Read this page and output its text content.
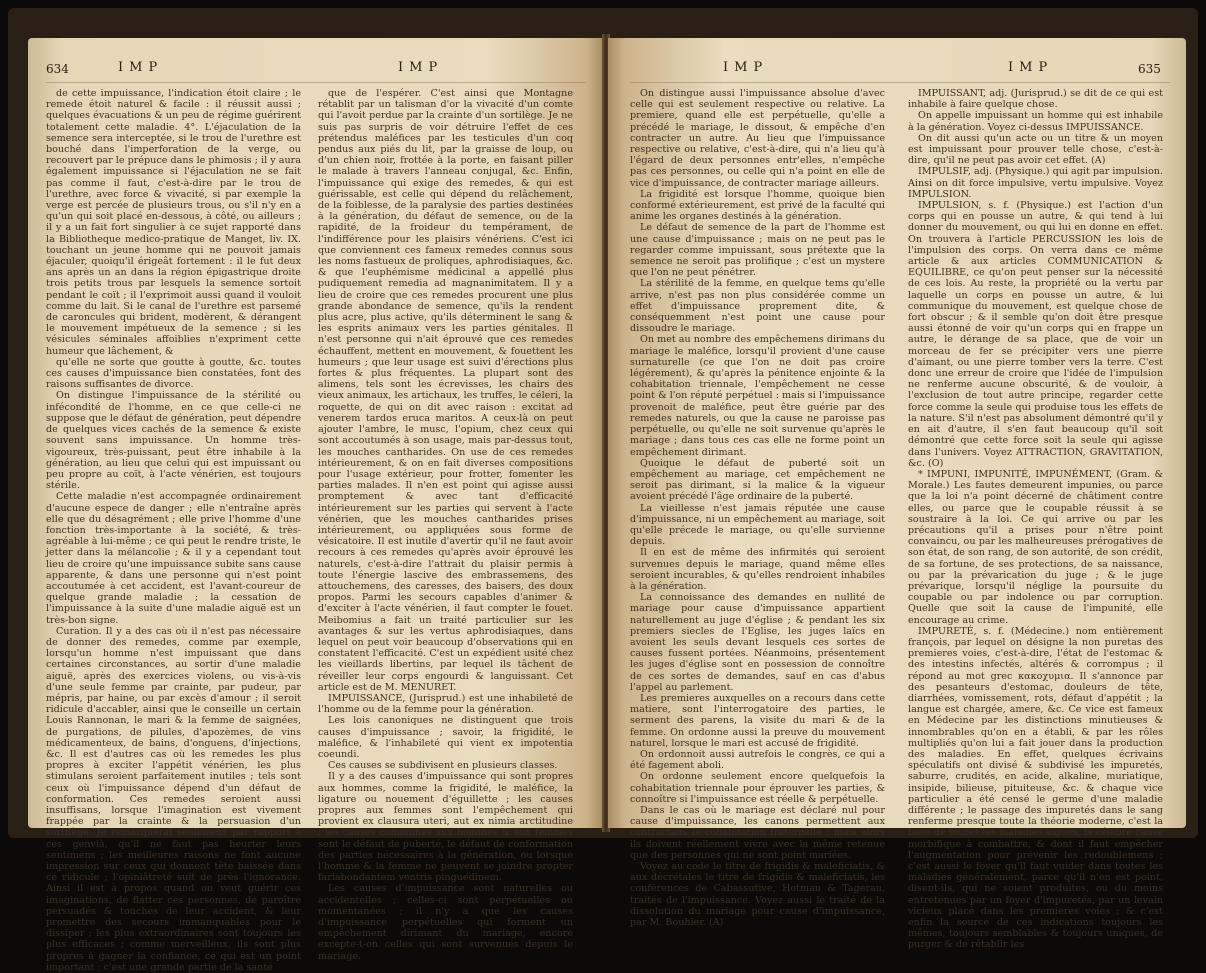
634	IMP	IMP

de cette impuissance, l'indication étoit claire ; le remede étoit naturel & facile : il réussit aussi ; quelques évacuations & un peu de régime guérirent totalement cette maladie. 4°. L'éjaculation de la semence sera interceptée, si le trou de l'urethre est bouché dans l'imperforation de la verge, ou recouvert par le prépuce dans le phimosis ; il y aura également impuissance si l'éjaculation ne se fait pas comme il faut, c'est-à-dire par le trou de l'urethre, avec force & vivacité, si par exemple la verge est percée de plusieurs trous, ou s'il n'y en a qu'un qui soit placé en-dessous, à côté, ou ailleurs ; il y a un fait fort singulier à ce sujet rapporté dans la Bibliotheque medico-pratique de Manget, liv. IX. touchant un jeune homme qui ne pouvoit jamais éjaculer, quoiqu'il érigeât fortement : il le fut deux ans après un an dans la région épigastrique droite trois petits trous par lesquels la semence sortoit pendant le coït ; il l'exprimoit aussi quand il vouloit comme du lait. Si le canal de l'urethre est parsemé de caroncules qui brident, modèrent, & dérangent le mouvement impétueux de la semence ; si les vésicules séminales affoiblies n'expriment cette humeur que lâchement, &

qu'elle ne sorte que goutte à goutte, &c. toutes ces causes d'impuissance bien constatées, font des raisons suffisantes de divorce.

On distingue l'impuissance de la stérilité ou infécondité de l'homme, en ce que celle-ci ne suppose que le défaut de génération, peut dépendre de quelques vices cachés de la semence & existe souvent sans impuissance. Un homme très-vigoureux, très-puissant, peut être inhabile à la génération, au lieu que celui qui est impuissant ou peu propre au coït, à l'acte vénérien, est toujours stérile.

Cette maladie n'est accompagnée ordinairement d'aucune espece de danger ; elle n'entraîne après elle que du désagrément ; elle prive l'homme d'une fonction très-importante à la société, & très-agréable à lui-même ; ce qui peut le rendre triste, le jetter dans la mélancolie ; & il y a cependant tout lieu de croire qu'une impuissance subite sans cause apparente, & dans une personne qui n'est point accoutumée à cet accident, est l'avant-coureur de quelque grande maladie ; la cessation de l'impuissance à la suite d'une maladie aiguë est un très-bon signe.

Curation. Il y a des cas où il n'est pas nécessaire de donner des remedes, comme par exemple, lorsqu'un homme n'est impuissant que dans certaines circonstances, au sortir d'une maladie aiguë, après des exercices violens, ou vis-à-vis d'une seule femme par crainte, par pudeur, par mépris, par haine, ou par excès d'amour ; il seroit ridicule d'accabler, ainsi que le conseille un certain Louis Rannonan, le mari & la femme de saignées, de purgations, de pilules, d'apozèmes, de vins médicamenteux, de bains, d'onguens, d'injections, &c. Il est d'autres cas où les remedes les plus propres à exciter l'appétit vénérien, les plus stimulans seroient parfaitement inutiles ; tels sont ceux où l'impuissance dépend d'un défaut de conformation. Ces remedes seroient aussi insuffisans, lorsque l'imagination est vivement frappée par la crainte & la persuasion d'un sortilège. Je remarquerai seulement par rapport à ces genvià, qu'il ne faut pas heurter leurs sentimens ; les meilleures raisons ne font aucune impression sur ceux qui donnent tête baissée dans ce ridicule ; l'opiniâtreté suit de près l'ignorance. Ainsi il est à propos quand on veut guérir ces imaginations, de flatter ces personnes, de paroître persuadés & touchés de leur accident, & leur promettre des secours immanquables pour le dissiper ; les plus extraordinaires sont toujours les plus efficaces ; comme merveilleux, ils sont plus propres à gagner la confiance, ce qui est un point important ; c'est une grande partie de la santé

que de l'espérer. C'est ainsi que Montagne rétablit par un talisman d'or la vivacité d'un comte qui l'avoit perdue par la crainte d'un sortilège. Je ne suis pas surpris de voir détruire l'effet de ces prétendus maléfices par les testicules d'un coq pendus aux piés du lit, par la graisse de loup, ou d'un chien noir, frottée à la porte, en faisant piller le malade à travers l'anneau conjugal, &c. Enfin, l'impuissance qui exige des remedes, & qui est guérissable, est celle qui dépend du relâchement, de la foiblesse, de la paralysie des parties destinées à la génération, du défaut de semence, ou de la rapidité, de la froideur du tempérament, de l'indifférence pour les plaisirs vénériens. C'est ici que conviennent ces fameux remedes connus sous les noms fastueux de proliques, aphrodisiaques, &c. & que l'euphémisme médicinal a appellé plus pudiquement remedia ad magnanimitatem. Il y a lieu de croire que ces remedes procurent une plus grande abondance de semence, qu'ils la rendent plus acre, plus active, qu'ils déterminent le sang & les esprits animaux vers les parties génitales. Il n'est personne qui n'ait éprouvé que ces remedes échauffent, mettent en mouvement, & fouettent les humeurs ; que leur usage est suivi d'érections plus fortes & plus fréquentes. La plupart sont des alimens, tels sont les écrevisses, les chairs des vieux animaux, les artichaux, les truffes, le céleri, la roquette, de qui on dit avec raison : excitat ad venerem tardos eruca maritos. A ceux-là on peut ajouter l'ambre, le musc, l'opium, chez ceux qui sont accoutumés à son usage, mais par-dessus tout, les mouches cantharides. On use de ces remedes intérieurement, & on en fait diverses compositions pour l'usage extérieur, pour frotter, fomenter les parties malades. Il n'en est point qui agisse aussi promptement & avec tant d'efficacité intérieurement sur les parties qui servent à l'acte vénérien, que les mouches cantharides prises intérieurement, ou appliquées sous forme de vésicatoire. Il est inutile d'avertir qu'il ne faut avoir recours à ces remedes qu'après avoir éprouvé les naturels, c'est-à-dire l'attrait du plaisir permis à toute l'énergie lascive des embrassemens, des attouchemens, des caresses, des baisers, des doux propos. Parmi les secours capables d'animer & d'exciter à l'acte vénérien, il faut compter le fouet. Meibomius a fait un traité particulier sur les avantages & sur les vertus aphrodisiaques, dans lequel on peut voir beaucoup d'observations qui en constatent l'efficacité. C'est un expédient usité chez les vieillards libertins, par lequel ils tâchent de réveiller leur corps engourdi & languissant. Cet article est de M. MENURET.

IMPUISSANCE, (Jurisprud.) est une inhabileté de l'homme ou de la femme pour la génération.

Les lois canoniques ne distinguent que trois causes d'impuissance ; savoir, la frigidité, le maléfice, & l'inhabileté qui vient ex impotentia coeundi.

Ces causes se subdivisent en plusieurs classes.

Il y a des causes d'impuissance qui sont propres aux hommes, comme la frigidité, le maléfice, la ligature ou nouement d'éguillette ; les causes propres aux femmes sont l'empêchement qui provient ex clausura uteri, aut ex nimia arctitudine ; les causes communes aux hommes & aux femmes sont le défaut de puberté, le défaut de conformation des parties nécessaires à la génération, ou lorsque l'homme & la femme ne peuvent se joindre propter fariabondantem ventris pinguedinem.

Les causes d'impuissance sont naturelles ou accidentelles ; celles-ci sont perpétuelles ou momentanées ; il n'y a que les causes d'impuissance perpétuelles qui forment un empêchement dirimant du mariage, encore excepte-t-on celles qui sont survenues depuis le mariage.

IMP	IMP	635

On distingue aussi l'impuissance absolue d'avec celle qui est seulement respective ou relative. La premiere, quand elle est perpétuelle, qu'elle a précédé le mariage, le dissout, & empêche d'en contracter un autre. Au lieu que l'impuissance respective ou relative, c'est-à-dire, qui n'a lieu qu'à l'égard de deux personnes entr'elles, n'empêche pas ces personnes, ou celle qui n'a point en elle de vice d'impuissance, de contracter mariage ailleurs.

La frigidité est lorsque l'homme, quoique bien conformé extérieurement, est privé de la faculté qui anime les organes destinés à la génération.

Le défaut de semence de la part de l'homme est une cause d'impuissance ; mais on ne peut pas le regarder comme impuissant, sous prétexte que la semence ne seroit pas prolifique ; c'est un mystere que l'on ne peut pénétrer.

La stérilité de la femme, en quelque tems qu'elle arrive, n'est pas non plus considérée comme un effet d'impuissance proprement dite, & conséquemment n'est point une cause pour dissoudre le mariage.

On met au nombre des empêchemens dirimans du mariage le maléfice, lorsqu'il provient d'une cause surnaturelle (ce que l'on ne doit pas croire légérement), & qu'après la pénitence enjointe & la cohabitation triennale, l'empêchement ne cesse point & l'on réputé perpétuel : mais si l'impuissance provenoit de maléfice, peut être guérie par des remedes naturels, ou que la cause ne paroisse pas perpétuelle, ou qu'elle ne soit survenue qu'après le mariage ; dans tous ces cas elle ne forme point un empêchement dirimant.

Quoique le défaut de puberté soit un empêchement au mariage, cet empêchement ne seroit pas dirimant, si la malice & la vigueur avoient précédé l'âge ordinaire de la puberté.

La vieillesse n'est jamais réputée une cause d'impuissance, ni un empêchement au mariage, soit qu'elle précede le mariage, ou qu'elle survienne depuis.

Il en est de même des infirmités qui seroient survenues depuis le mariage, quand même elles seroient incurables, & qu'elles rendroient inhabiles à la génération.

La connoissance des demandes en nullité de mariage pour cause d'impuissance appartient naturellement au juge d'église ; & pendant les six premiers siecles de l'Eglise, les juges laïcs en avoient les seuls devant lesquels ces sortes de causes fussent portées. Néanmoins, présentement les juges d'église sont en possession de connoître de ces sortes de demandes, sauf en cas d'abus l'appel au parlement.

Les premieres auxquelles on a recours dans cette matiere, sont l'interrogatoire des parties, le serment des parens, la visite du mari & de la femme. On ordonne aussi la preuve du mouvement naturel, lorsque le mari est accusé de frigidité.

On ordonnoit aussi autrefois le congrès, ce qui a été fagement aboli.

On ordonne seulement encore quelquefois la cohabitation triennale pour éprouver les parties, & connoître si l'impuissance est réelle & perpétuelle.

Dans le cas où le mariage est déclaré nul pour cause d'impuissance, les canons permettent aux contractans la cohabitation fraternelle ; mais alors ils doivent réellement vivre avec la même retenue que des personnes qui ne sont point mariées.

Voyez au code le titre de frigidis & maleficiatis, & aux décrétales le titre de frigidis & maleficiatis, les conférences de Cabassutive, Hotman & Tagerau, traités de l'impuissance. Voyez aussi le traité de la dissolution du mariage pour cause d'impuissance, par M. Bouhier. (A)

IMPUISSANT, adj. (Jurisprud.) se dit de ce qui est inhabile à faire quelque chose.

On appelle impuissant un homme qui est inhabile à la génération. Voyez ci-dessus IMPUISSANCE.

On dit aussi qu'un acte ou un titre & un moyen est impuissant pour prouver telle chose, c'est-à-dire, qu'il ne peut pas avoir cet effet. (A)

IMPULSIF, adj. (Physique.) qui agit par impulsion. Ainsi on dit force impulsive, vertu impulsive. Voyez IMPULSION.

IMPULSION, s. f. (Physique.) est l'action d'un corps qui en pousse un autre, & qui tend à lui donner du mouvement, ou qui lui en donne en effet. On trouvera à l'article PERCUSSION les lois de l'impulsion des corps. On verra dans ce même article & aux articles COMMUNICATION & EQUILIBRE, ce qu'on peut penser sur la nécessité de ces lois. Au reste, la propriété ou la vertu par laquelle un corps en pousse un autre, & lui communique du mouvement, est quelque chose de fort obscur ; & il semble qu'on doit être presque aussi étonné de voir qu'un corps qui en frappe un autre, le dérange de sa place, que de voir un morceau de fer se précipiter vers une pierre d'aimant, ou une pierre tomber vers la terre. C'est donc une erreur de croire que l'idée de l'impulsion ne renferme aucune obscurité, & de vouloir, à l'exclusion de tout autre principe, regarder cette force comme la seule qui produise tous les effets de la nature. S'il n'est pas absolument démontré qu'il y en ait d'autre, il s'en faut beaucoup qu'il soit démontré que cette force soit la seule qui agisse dans l'univers. Voyez ATTRACTION, GRAVITATION, &c. (O)

* IMPUNI, IMPUNITÉ, IMPUNÉMENT, (Gram. & Morale.) Les fautes demeurent impunies, ou parce que la loi n'a point décerné de châtiment contre elles, ou parce que le coupable réussit à se soustraire à la loi. Ce qui arrive ou par les précautions qu'il a prises pour n'être point convaincu, ou par les malheureuses prérogatives de son état, de son rang, de son autorité, de son crédit, de sa fortune, de ses protections, de sa naissance, ou par la prévarication du juge ; & le juge prévarique, lorsqu'il néglige la poursuite du coupable ou par indolence ou par corruption. Quelle que soit la cause de l'impunité, elle encourage au crime.

IMPURETÉ, s. f. (Médecine.) nom entièrement françois, par lequel on désigne la non puretas des premieres voies, c'est-à-dire, l'état de l'estomac & des intestins infectés, altérés & corrompus ; il répond au mot grec κακοχυμια. Il s'annonce par des pesanteurs d'estomac, douleurs de tête, diarrhées, vomissement, rots, défaut d'appétit ; la langue est chargée, amere, &c. Ce vice est fameux en Médecine par les distinctions minutieuses & innombrables qu'on en a établi, & par les rôles multipliés qu'on lui a fait jouer dans la production des maladies. En effet, quelques écrivains spéculatifs ont divisé & subdivisé les impuretés, saburre, crudités, en acide, alkaline, muriatique, insipide, bilieuse, pituiteuse, &c. & chaque vice particulier a été censé le germe d'une maladie différente ; le passage des impuretés dans le sang renferme presque toute la théorie moderne, c'est la base de toutes les maladies aiguës, la célebre cause morbifique à combattre, & dont il faut empêcher l'augmentation pour prévenir les redoublemens ; c'est aussi le foyer qu'il faut vuider dans toutes les maladies généralement, parce qu'il n'en est point, disent-ils, qui ne soient produites, ou du moins entretenues par un foyer d'impuretés, par un levain vicieux placé dans les premieres voies ; & c'est enfin la source de ces indications toujours les mêmes, toujours semblables & toujours uniques, de purger & de rétablir les
